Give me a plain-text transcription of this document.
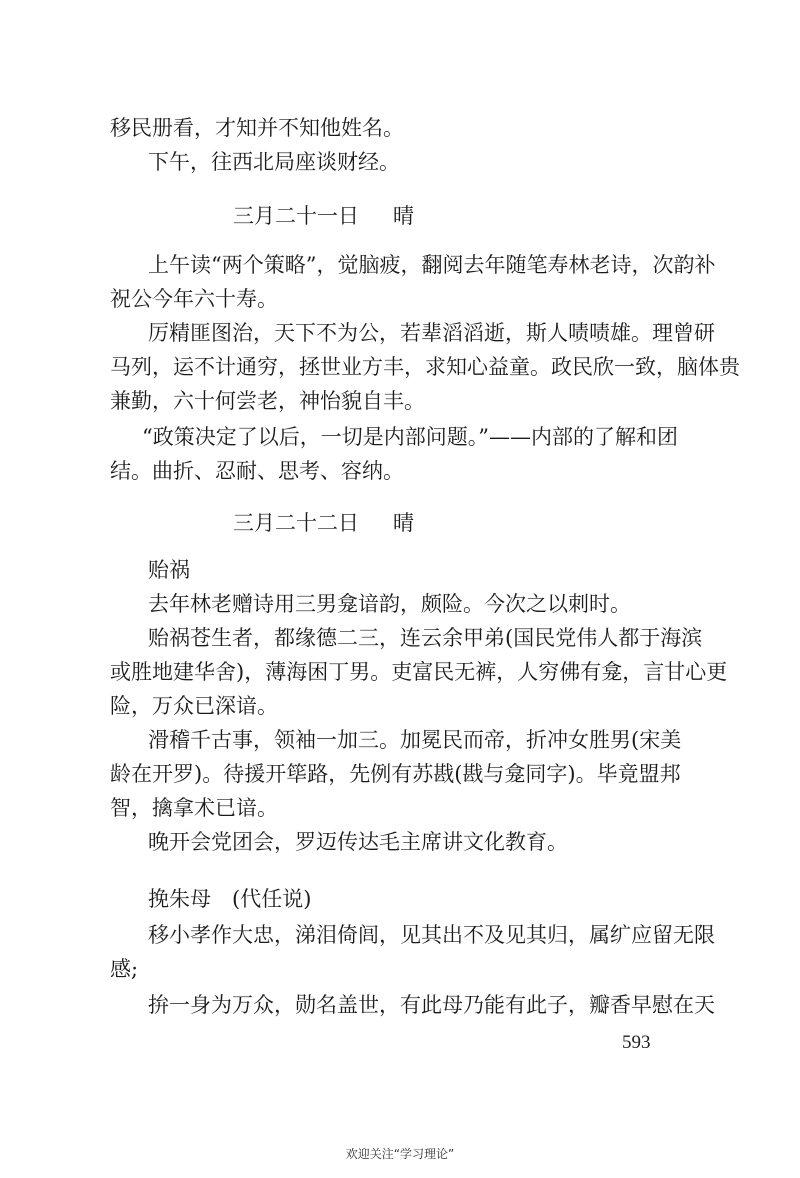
移民册看，才知并不知他姓名。
下午，往西北局座谈财经。
三月二十一日 晴
上午读“两个策略”，觉脑疲，翻阅去年随笔寿林老诗，次韵补
祝公今年六十寿。
厉精匪图治，天下不为公，若辈滔滔逝，斯人啧啧雄。理曾研
马列，运不计通穷，拯世业方丰，求知心益童。政民欣一致，脑体贵
兼勤，六十何尝老，神怡貌自丰。
“政策决定了以后，一切是内部问题。”——内部的了解和团
结。曲折、忍耐、思考、容纳。
三月二十二日 晴
贻祸
去年林老赠诗用三男龛谙韵，颇险。今次之以刺时。
贻祸苍生者，都缘德二三，连云余甲弟(国民党伟人都于海滨
或胜地建华舍)，薄海困丁男。吏富民无裤，人穷佛有龛，言甘心更
险，万众已深谙。
滑稽千古事，领袖一加三。加冕民而帝，折冲女胜男(宋美
龄在开罗)。待援开筚路，先例有苏戡(戡与龛同字)。毕竟盟邦
智，擒拿术已谙。
晚开会党团会，罗迈传达毛主席讲文化教育。
挽朱母　(代任说)
移小孝作大忠，涕泪倚闾，见其出不及见其归，属纩应留无限
感;
拚一身为万众，勋名盖世，有此母乃能有此子，瓣香早慰在天
593
欢迎关注“学习理论”
